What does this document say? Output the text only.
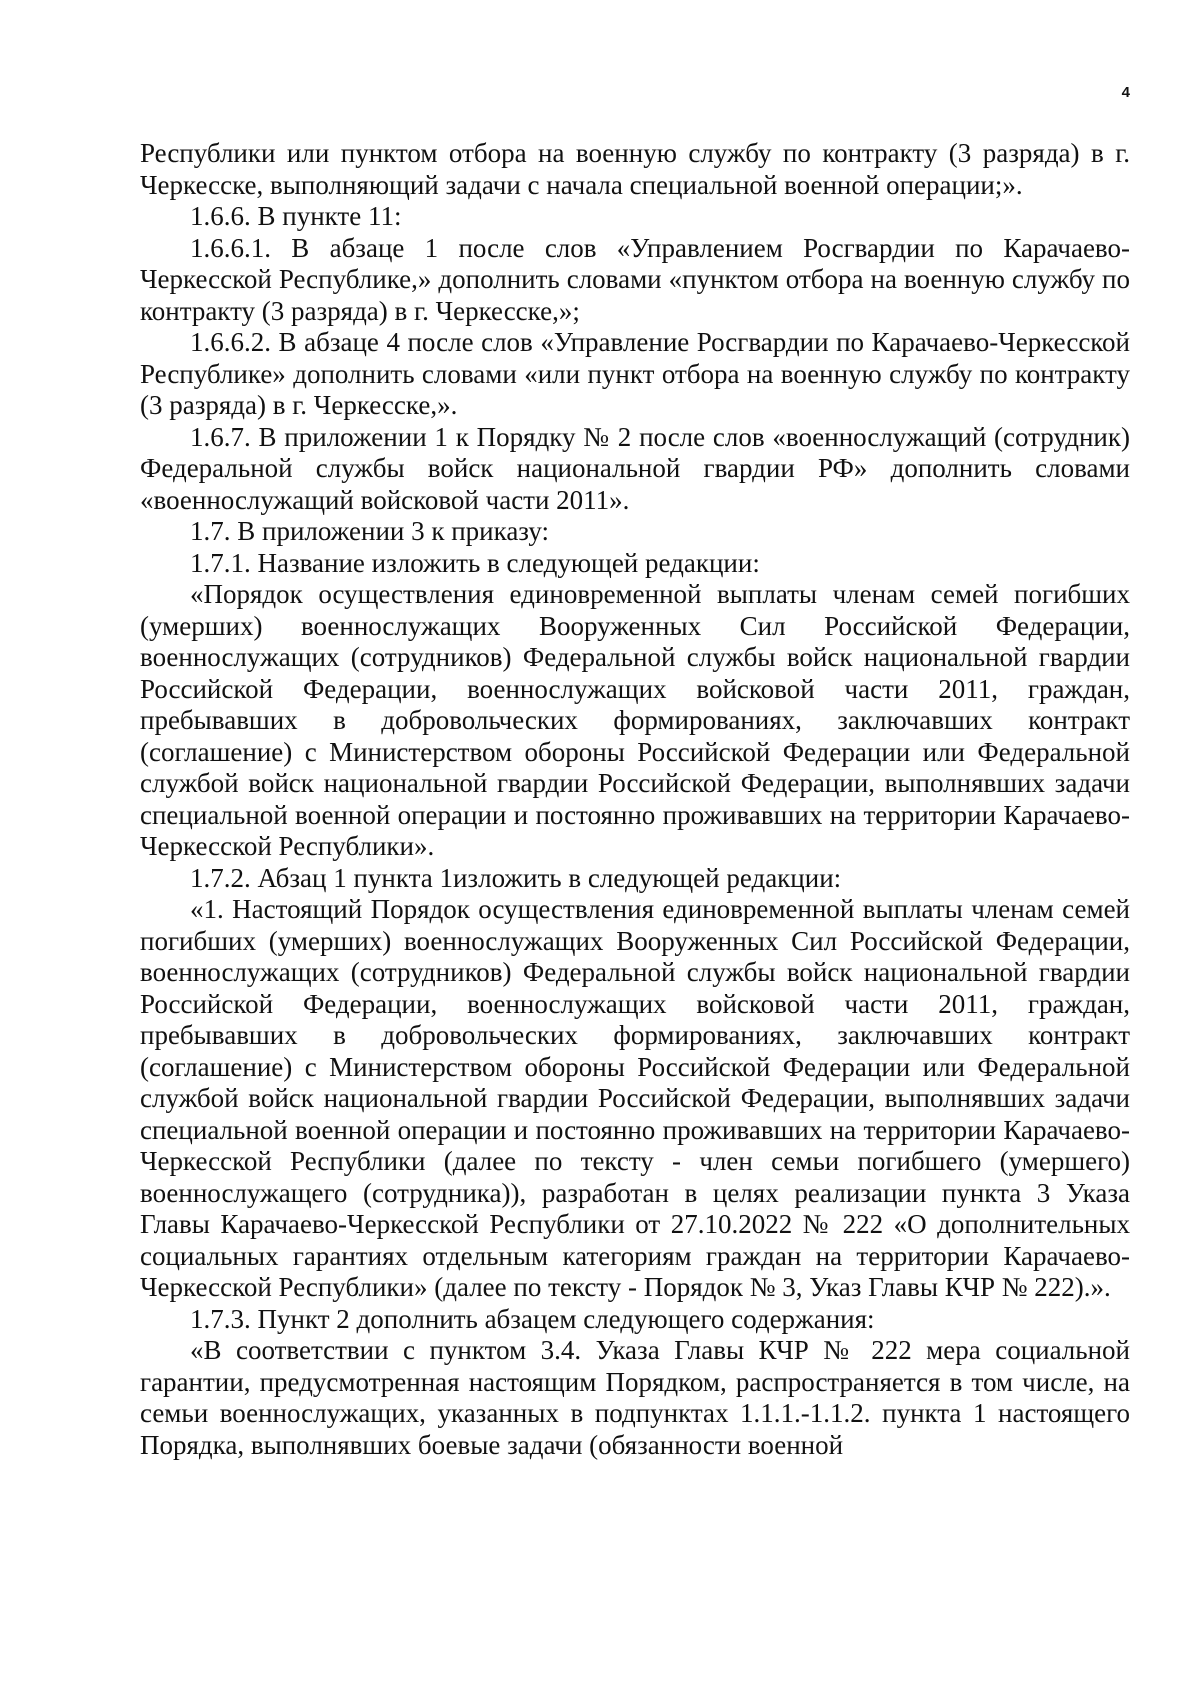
4

Республики или пунктом отбора на военную службу по контракту (3 разряда) в г. Черкесске, выполняющий задачи с начала специальной военной операции;».

1.6.6. В пункте 11:

1.6.6.1. В абзаце 1 после слов «Управлением Росгвардии по Карачаево-Черкесской Республике,» дополнить словами «пунктом отбора на военную службу по контракту (3 разряда) в г. Черкесске,»;

1.6.6.2. В абзаце 4 после слов «Управление Росгвардии по Карачаево-Черкесской Республике» дополнить словами «или пункт отбора на военную службу по контракту (3 разряда) в г. Черкесске,».

1.6.7. В приложении 1 к Порядку № 2 после слов «военнослужащий (сотрудник) Федеральной службы войск национальной гвардии РФ» дополнить словами «военнослужащий войсковой части 2011».

1.7. В приложении 3 к приказу:

1.7.1. Название изложить в следующей редакции:

«Порядок осуществления единовременной выплаты членам семей погибших (умерших) военнослужащих Вооруженных Сил Российской Федерации, военнослужащих (сотрудников) Федеральной службы войск национальной гвардии Российской Федерации, военнослужащих войсковой части 2011, граждан, пребывавших в добровольческих формированиях, заключавших контракт (соглашение) с Министерством обороны Российской Федерации или Федеральной службой войск национальной гвардии Российской Федерации, выполнявших задачи специальной военной операции и постоянно проживавших на территории Карачаево-Черкесской Республики».

1.7.2. Абзац 1 пункта 1изложить в следующей редакции:

«1. Настоящий Порядок осуществления единовременной выплаты членам семей погибших (умерших) военнослужащих Вооруженных Сил Российской Федерации, военнослужащих (сотрудников) Федеральной службы войск национальной гвардии Российской Федерации, военнослужащих войсковой части 2011, граждан, пребывавших в добровольческих формированиях, заключавших контракт (соглашение) с Министерством обороны Российской Федерации или Федеральной службой войск национальной гвардии Российской Федерации, выполнявших задачи специальной военной операции и постоянно проживавших на территории Карачаево-Черкесской Республики (далее по тексту - член семьи погибшего (умершего) военнослужащего (сотрудника)), разработан в целях реализации пункта 3 Указа Главы Карачаево-Черкесской Республики от 27.10.2022 № 222 «О дополнительных социальных гарантиях отдельным категориям граждан на территории Карачаево-Черкесской Республики» (далее по тексту - Порядок № 3, Указ Главы КЧР № 222).».

1.7.3. Пункт 2 дополнить абзацем следующего содержания:

«В соответствии с пунктом 3.4. Указа Главы КЧР № 222 мера социальной гарантии, предусмотренная настоящим Порядком, распространяется в том числе, на семьи военнослужащих, указанных в подпунктах 1.1.1.-1.1.2. пункта 1 настоящего Порядка, выполнявших боевые задачи (обязанности военной
